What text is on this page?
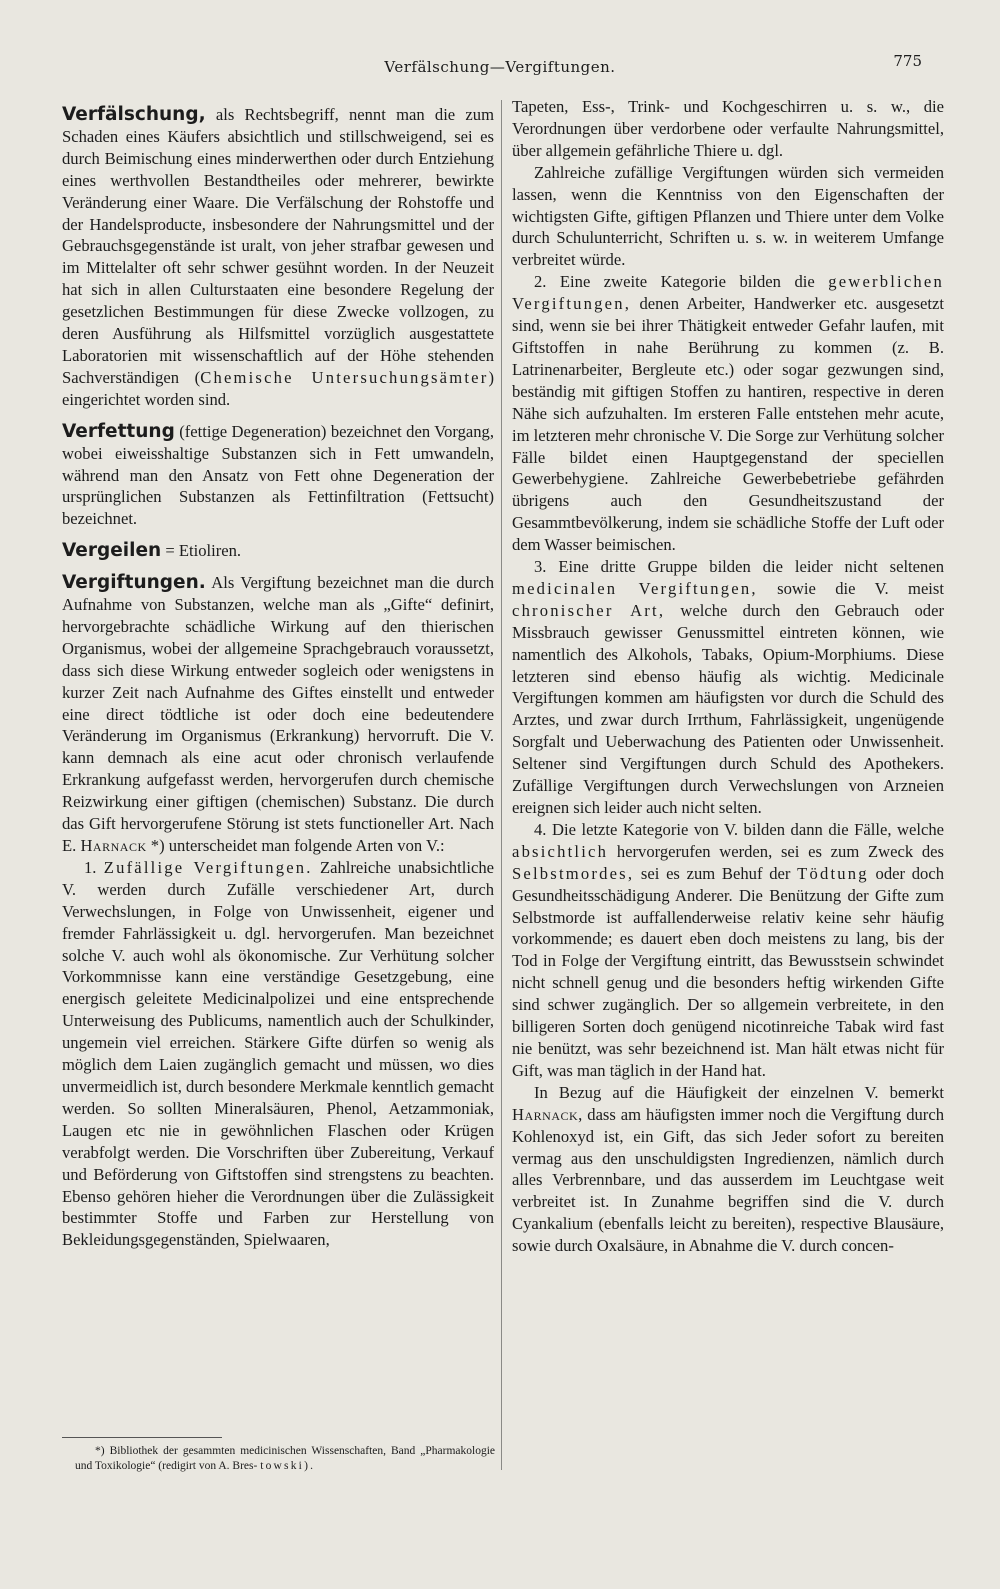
Verfälschung—Vergiftungen.	775

Verfälschung, als Rechtsbegriff, nennt man die zum Schaden eines Käufers absichtlich und stillschweigend, sei es durch Beimischung eines minderwerthen oder durch Entziehung eines werthvollen Bestandtheiles oder mehrerer, bewirkte Veränderung einer Waare. Die Verfälschung der Rohstoffe und der Handelsproducte, insbesondere der Nahrungsmittel und der Gebrauchsgegenstände ist uralt, von jeher strafbar gewesen und im Mittelalter oft sehr schwer gesühnt worden. In der Neuzeit hat sich in allen Culturstaaten eine besondere Regelung der gesetzlichen Bestimmungen für diese Zwecke vollzogen, zu deren Ausführung als Hilfsmittel vorzüglich ausgestattete Laboratorien mit wissenschaftlich auf der Höhe stehenden Sachverständigen (Chemische Untersuchungsämter) eingerichtet worden sind.

Verfettung (fettige Degeneration) bezeichnet den Vorgang, wobei eiweisshaltige Substanzen sich in Fett umwandeln, während man den Ansatz von Fett ohne Degeneration der ursprünglichen Substanzen als Fettinfiltration (Fettsucht) bezeichnet.

Vergeilen = Etioliren.

Vergiftungen. Als Vergiftung bezeichnet man die durch Aufnahme von Substanzen, welche man als „Gifte“ definirt, hervorgebrachte schädliche Wirkung auf den thierischen Organismus, wobei der allgemeine Sprachgebrauch voraussetzt, dass sich diese Wirkung entweder sogleich oder wenigstens in kurzer Zeit nach Aufnahme des Giftes einstellt und entweder eine direct tödtliche ist oder doch eine bedeutendere Veränderung im Organismus (Erkrankung) hervorruft. Die V. kann demnach als eine acut oder chronisch verlaufende Erkrankung aufgefasst werden, hervorgerufen durch chemische Reizwirkung einer giftigen (chemischen) Substanz. Die durch das Gift hervorgerufene Störung ist stets functioneller Art. Nach E. Harnack *) unterscheidet man folgende Arten von V.:

1. Zufällige Vergiftungen. Zahlreiche unabsichtliche V. werden durch Zufälle verschiedener Art, durch Verwechslungen, in Folge von Unwissenheit, eigener und fremder Fahrlässigkeit u. dgl. hervorgerufen. Man bezeichnet solche V. auch wohl als ökonomische. Zur Verhütung solcher Vorkommnisse kann eine verständige Gesetzgebung, eine energisch geleitete Medicinalpolizei und eine entsprechende Unterweisung des Publicums, namentlich auch der Schulkinder, ungemein viel erreichen. Stärkere Gifte dürfen so wenig als möglich dem Laien zugänglich gemacht und müssen, wo dies unvermeidlich ist, durch besondere Merkmale kenntlich gemacht werden. So sollten Mineralsäuren, Phenol, Aetzammoniak, Laugen etc nie in gewöhnlichen Flaschen oder Krügen verabfolgt werden. Die Vorschriften über Zubereitung, Verkauf und Beförderung von Giftstoffen sind strengstens zu beachten. Ebenso gehören hieher die Verordnungen über die Zulässigkeit bestimmter Stoffe und Farben zur Herstellung von Bekleidungsgegenständen, Spielwaaren,

*) Bibliothek der gesammten medicinischen Wissenschaften, Band „Pharmakologie und Toxikologie“ (redigirt von A. Bres- towski).

Tapeten, Ess-, Trink- und Kochgeschirren u. s. w., die Verordnungen über verdorbene oder verfaulte Nahrungsmittel, über allgemein gefährliche Thiere u. dgl.

Zahlreiche zufällige Vergiftungen würden sich vermeiden lassen, wenn die Kenntniss von den Eigenschaften der wichtigsten Gifte, giftigen Pflanzen und Thiere unter dem Volke durch Schulunterricht, Schriften u. s. w. in weiterem Umfange verbreitet würde.

2. Eine zweite Kategorie bilden die gewerblichen Vergiftungen, denen Arbeiter, Handwerker etc. ausgesetzt sind, wenn sie bei ihrer Thätigkeit entweder Gefahr laufen, mit Giftstoffen in nahe Berührung zu kommen (z. B. Latrinenarbeiter, Bergleute etc.) oder sogar gezwungen sind, beständig mit giftigen Stoffen zu hantiren, respective in deren Nähe sich aufzuhalten. Im ersteren Falle entstehen mehr acute, im letzteren mehr chronische V. Die Sorge zur Verhütung solcher Fälle bildet einen Hauptgegenstand der speciellen Gewerbehygiene. Zahlreiche Gewerbebetriebe gefährden übrigens auch den Gesundheitszustand der Gesammtbevölkerung, indem sie schädliche Stoffe der Luft oder dem Wasser beimischen.

3. Eine dritte Gruppe bilden die leider nicht seltenen medicinalen Vergiftungen, sowie die V. meist chronischer Art, welche durch den Gebrauch oder Missbrauch gewisser Genussmittel eintreten können, wie namentlich des Alkohols, Tabaks, Opium-Morphiums. Diese letzteren sind ebenso häufig als wichtig. Medicinale Vergiftungen kommen am häufigsten vor durch die Schuld des Arztes, und zwar durch Irrthum, Fahrlässigkeit, ungenügende Sorgfalt und Ueberwachung des Patienten oder Unwissenheit. Seltener sind Vergiftungen durch Schuld des Apothekers. Zufällige Vergiftungen durch Verwechslungen von Arzneien ereignen sich leider auch nicht selten.

4. Die letzte Kategorie von V. bilden dann die Fälle, welche absichtlich hervorgerufen werden, sei es zum Zweck des Selbstmordes, sei es zum Behuf der Tödtung oder doch Gesundheitsschädigung Anderer. Die Benützung der Gifte zum Selbstmorde ist auffallenderweise relativ keine sehr häufig vorkommende; es dauert eben doch meistens zu lang, bis der Tod in Folge der Vergiftung eintritt, das Bewusstsein schwindet nicht schnell genug und die besonders heftig wirkenden Gifte sind schwer zugänglich. Der so allgemein verbreitete, in den billigeren Sorten doch genügend nicotinreiche Tabak wird fast nie benützt, was sehr bezeichnend ist. Man hält etwas nicht für Gift, was man täglich in der Hand hat.

In Bezug auf die Häufigkeit der einzelnen V. bemerkt Harnack, dass am häufigsten immer noch die Vergiftung durch Kohlenoxyd ist, ein Gift, das sich Jeder sofort zu bereiten vermag aus den unschuldigsten Ingredienzen, nämlich durch alles Verbrennbare, und das ausserdem im Leuchtgase weit verbreitet ist. In Zunahme begriffen sind die V. durch Cyankalium (ebenfalls leicht zu bereiten), respective Blausäure, sowie durch Oxalsäure, in Abnahme die V. durch concen-
